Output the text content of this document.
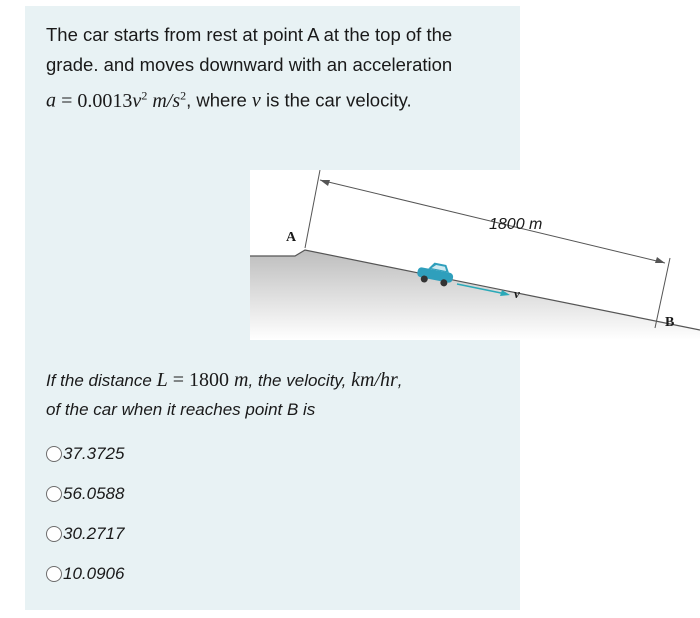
The car starts from rest at point A at the top of the
grade. and moves downward with an acceleration
$a = 0.0013v^2$ $m/s^2$, where v is the car velocity.
1800 m
A
B
v
If the distance L = 1800 m, the velocity, km/hr,
of the car when it reaches point B is
37.3725
56.0588
30.2717
10.0906
